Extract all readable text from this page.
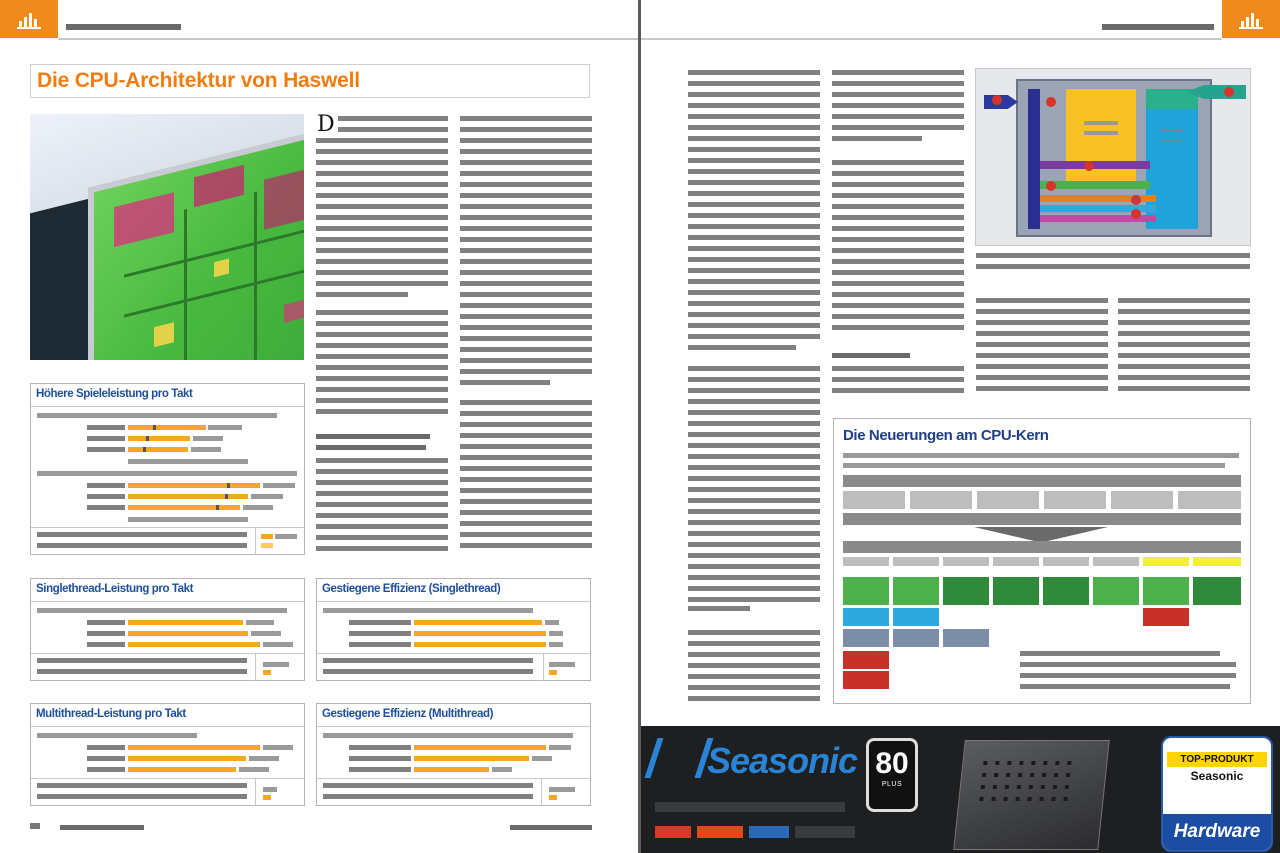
Die CPU-Architektur von Haswell
D
Höhere Spieleleistung pro Takt
Singlethread-Leistung pro Takt	Gestiegene Effizienz (Singlethread)
Multithread-Leistung pro Takt	Gestiegene Effizienz (Multithread)
Die Neuerungen am CPU-Kern
Seasonic 80
PLUS
TOP-PRODUKT
Seasonic
Hardware
